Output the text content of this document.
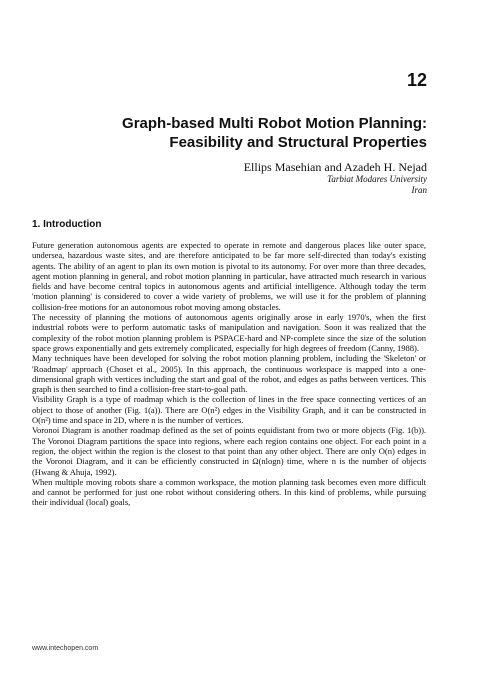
12
Graph-based Multi Robot Motion Planning:
Feasibility and Structural Properties
Ellips Masehian and Azadeh H. Nejad
Tarbiat Modares University
Iran
1. Introduction

Future generation autonomous agents are expected to operate in remote and dangerous places like outer space, undersea, hazardous waste sites, and are therefore anticipated to be far more self-directed than today's existing agents. The ability of an agent to plan its own motion is pivotal to its autonomy. For over more than three decades, agent motion planning in general, and robot motion planning in particular, have attracted much research in various fields and have become central topics in autonomous agents and artificial intelligence. Although today the term 'motion planning' is considered to cover a wide variety of problems, we will use it for the problem of planning collision-free motions for an autonomous robot moving among obstacles.

The necessity of planning the motions of autonomous agents originally arose in early 1970's, when the first industrial robots were to perform automatic tasks of manipulation and navigation. Soon it was realized that the complexity of the robot motion planning problem is PSPACE-hard and NP-complete since the size of the solution space grows exponentially and gets extremely complicated, especially for high degrees of freedom (Canny, 1988).

Many techniques have been developed for solving the robot motion planning problem, including the 'Skeleton' or 'Roadmap' approach (Choset et al., 2005). In this approach, the continuous workspace is mapped into a one-dimensional graph with vertices including the start and goal of the robot, and edges as paths between vertices. This graph is then searched to find a collision-free start-to-goal path.

Visibility Graph is a type of roadmap which is the collection of lines in the free space connecting vertices of an object to those of another (Fig. 1(a)). There are O(n²) edges in the Visibility Graph, and it can be constructed in O(n²) time and space in 2D, where n is the number of vertices.

Voronoi Diagram is another roadmap defined as the set of points equidistant from two or more objects (Fig. 1(b)). The Voronoi Diagram partitions the space into regions, where each region contains one object. For each point in a region, the object within the region is the closest to that point than any other object. There are only O(n) edges in the Voronoi Diagram, and it can be efficiently constructed in Ω(nlogn) time, where n is the number of objects (Hwang & Ahuja, 1992).

When multiple moving robots share a common workspace, the motion planning task becomes even more difficult and cannot be performed for just one robot without considering others. In this kind of problems, while pursuing their individual (local) goals,

www.intechopen.com
